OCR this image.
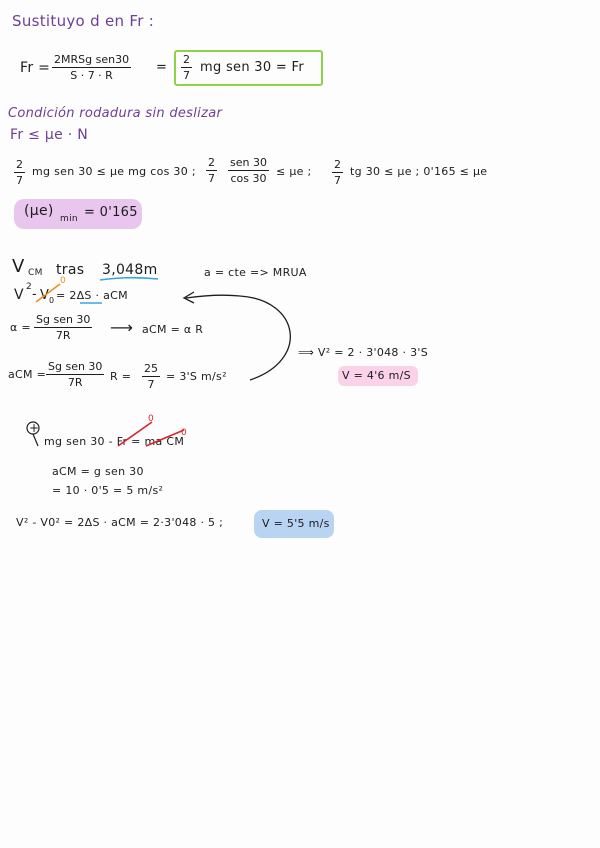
Sustituyo d en Fr :
Fr =
2MRSg sen30
S · 7 · R
=
2
7
mg sen 30 = Fr
Condición rodadura sin deslizar
Fr ≤ μe · N
2
7
mg sen 30 ≤ μe mg cos 30 ;
2
7
sen 30
cos 30
≤ μe ;
2
7
tg 30 ≤ μe ; 0'165 ≤ μe
(μe) min = 0'165
V CM tras 3,048m	a = cte => MRUA
V 2 - V 0
0
= 2ΔS · aCM
α =
Sg sen 30
7R ⟶ aCM = α R
aCM =
Sg sen 30
7R R =
25
7
= 3'S m/s²
⟹ V² = 2 · 3'048 · 3'S
V = 4'6 m/S
+
mg sen 30 - Fr = ma CM
0
0
aCM = g sen 30
= 10 · 0'5 = 5 m/s²
V² - V0² = 2ΔS · aCM = 2·3'048 · 5 ;	V = 5'5 m/s
